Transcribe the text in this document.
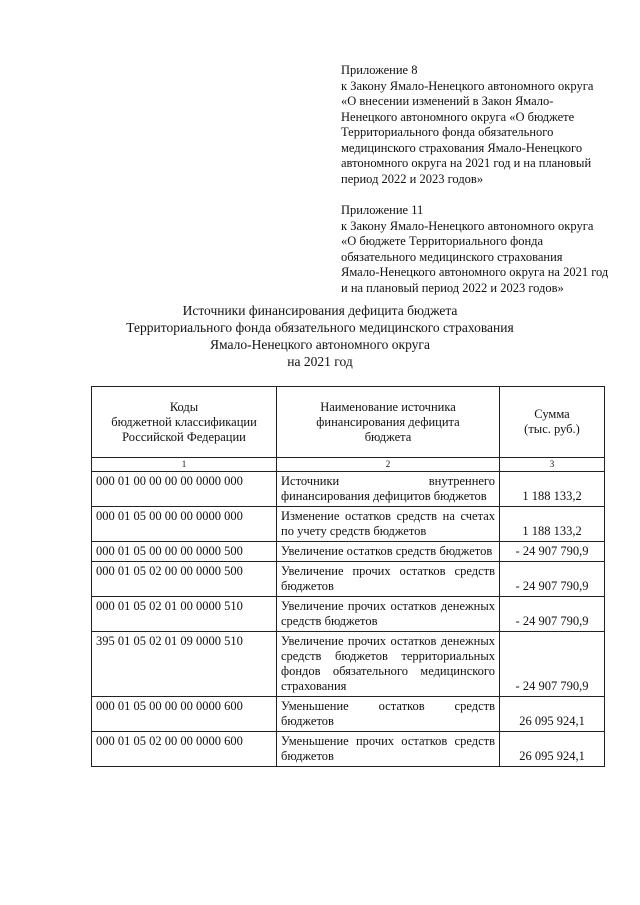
Приложение 8
к Закону Ямало-Ненецкого автономного округа
«О внесении изменений в Закон Ямало-
Ненецкого автономного округа «О бюджете
Территориального фонда обязательного
медицинского страхования Ямало-Ненецкого
автономного округа на 2021 год и на плановый
период 2022 и 2023 годов»
Приложение 11
к Закону Ямало-Ненецкого автономного округа
«О бюджете Территориального фонда
обязательного медицинского страхования
Ямало-Ненецкого автономного округа на 2021 год
и на плановый период 2022 и 2023 годов»
Источники финансирования дефицита бюджета
Территориального фонда обязательного медицинского страхования
Ямало-Ненецкого автономного округа
на 2021 год
Коды
бюджетной классификации
Российской Федерации	Наименование источника
финансирования дефицита
бюджета	Сумма
(тыс. руб.)

1	2	3
000 01 00 00 00 00 0000 000	Источники внутреннего финансирования дефицитов бюджетов	1 188 133,2
000 01 05 00 00 00 0000 000	Изменение остатков средств на счетах по учету средств бюджетов	1 188 133,2
000 01 05 00 00 00 0000 500	Увеличение остатков средств бюджетов	- 24 907 790,9
000 01 05 02 00 00 0000 500	Увеличение прочих остатков средств бюджетов	- 24 907 790,9
000 01 05 02 01 00 0000 510	Увеличение прочих остатков денежных средств бюджетов	- 24 907 790,9
395 01 05 02 01 09 0000 510	Увеличение прочих остатков денежных средств бюджетов территориальных фондов обязательного медицинского страхования	- 24 907 790,9
000 01 05 00 00 00 0000 600	Уменьшение остатков средств бюджетов	26 095 924,1
000 01 05 02 00 00 0000 600	Уменьшение прочих остатков средств бюджетов	26 095 924,1
